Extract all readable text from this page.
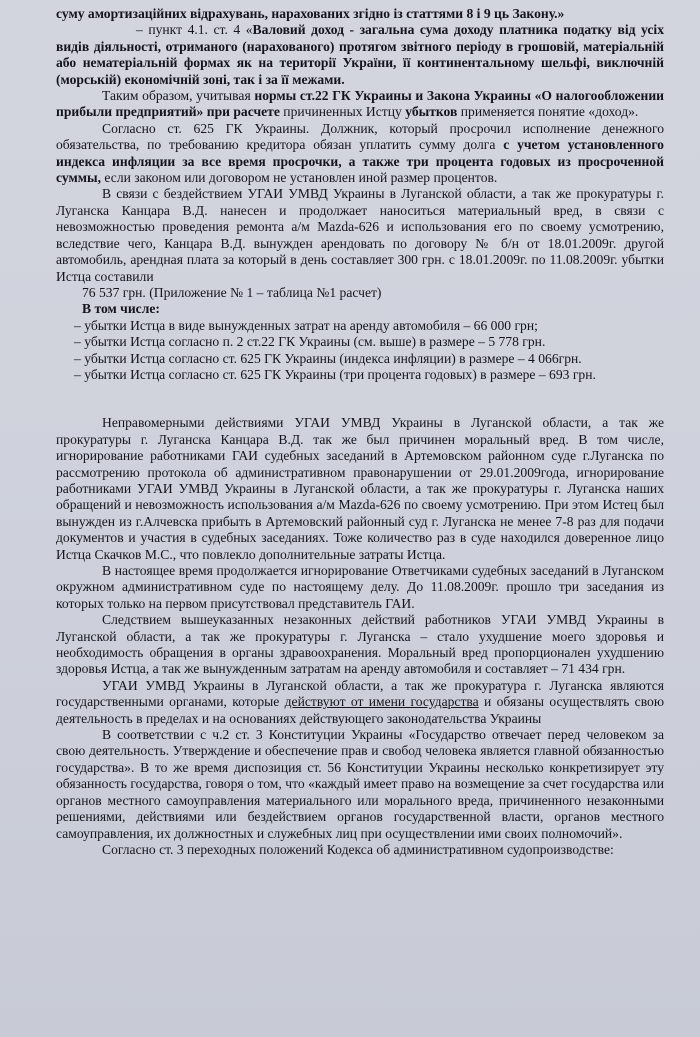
суму амортизаційних відрахувань, нарахованих згідно із статтями 8 і 9 ць Закону.»

– пункт 4.1. ст. 4 «Валовий доход - загальна сума доходу платника податку від усіх видів діяльності, отриманого (нарахованого) протягом звітного періоду в грошовій, матеріальній або нематеріальній формах як на території України, її континентальному шельфі, виключній (морській) економічній зоні, так і за її межами.

Таким образом, учитывая нормы ст.22 ГК Украины и Закона Украины «О налогообложении прибыли предприятий» при расчете причиненных Истцу убытков применяется понятие «доход».

Согласно ст. 625 ГК Украины. Должник, который просрочил исполнение денежного обязательства, по требованию кредитора обязан уплатить сумму долга с учетом установленного индекса инфляции за все время просрочки, а также три процента годовых из просроченной суммы, если законом или договором не установлен иной размер процентов.

В связи с бездействием УГАИ УМВД Украины в Луганской области, а так же прокуратуры г. Луганска Канцара В.Д. нанесен и продолжает наноситься материальный вред, в связи с невозможностью проведения ремонта а/м Mazda-626 и использования его по своему усмотрению, вследствие чего, Канцара В.Д. вынужден арендовать по договору № б/н от 18.01.2009г. другой автомобиль, арендная плата за который в день составляет 300 грн. с 18.01.2009г. по 11.08.2009г. убытки Истца составили

76 537 грн. (Приложение № 1 – таблица №1 расчет)

В том числе:

– убытки Истца в виде вынужденных затрат на аренду автомобиля – 66 000 грн;
– убытки Истца согласно п. 2 ст.22 ГК Украины (см. выше) в размере – 5 778 грн.
– убытки Истца согласно ст. 625 ГК Украины (индекса инфляции) в размере – 4 066грн.
– убытки Истца согласно ст. 625 ГК Украины (три процента годовых) в размере – 693 грн.

Неправомерными действиями УГАИ УМВД Украины в Луганской области, а так же прокуратуры г. Луганска Канцара В.Д. так же был причинен моральный вред. В том числе, игнорирование работниками ГАИ судебных заседаний в Артемовском районном суде г.Луганска по рассмотрению протокола об административном правонарушении от 29.01.2009года, игнорирование работниками УГАИ УМВД Украины в Луганской области, а так же прокуратуры г. Луганска наших обращений и невозможность использования а/м Mazda-626 по своему усмотрению. При этом Истец был вынужден из г.Алчевска прибыть в Артемовский районный суд г. Луганска не менее 7-8 раз для подачи документов и участия в судебных заседаниях. Тоже количество раз в суде находился доверенное лицо Истца Скачков М.С., что повлекло дополнительные затраты Истца.

В настоящее время продолжается игнорирование Ответчиками судебных заседаний в Луганском окружном административном суде по настоящему делу. До 11.08.2009г. прошло три заседания из которых только на первом присутствовал представитель ГАИ.

Следствием вышеуказанных незаконных действий работников УГАИ УМВД Украины в Луганской области, а так же прокуратуры г. Луганска – стало ухудшение моего здоровья и необходимость обращения в органы здравоохранения. Моральный вред пропорционален ухудшению здоровья Истца, а так же вынужденным затратам на аренду автомобиля и составляет – 71 434 грн.

УГАИ УМВД Украины в Луганской области, а так же прокуратура г. Луганска являются государственными органами, которые действуют от имени государства и обязаны осуществлять свою деятельность в пределах и на основаниях действующего законодательства Украины

В соответствии с ч.2 ст. 3 Конституции Украины «Государство отвечает перед человеком за свою деятельность. Утверждение и обеспечение прав и свобод человека является главной обязанностью государства». В то же время диспозиция ст. 56 Конституции Украины несколько конкретизирует эту обязанность государства, говоря о том, что «каждый имеет право на возмещение за счет государства или органов местного самоуправления материального или морального вреда, причиненного незаконными решениями, действиями или бездействием органов государственной власти, органов местного самоуправления, их должностных и служебных лиц при осуществлении ими своих полномочий».

Согласно ст. 3 переходных положений Кодекса об административном судопроизводстве:
